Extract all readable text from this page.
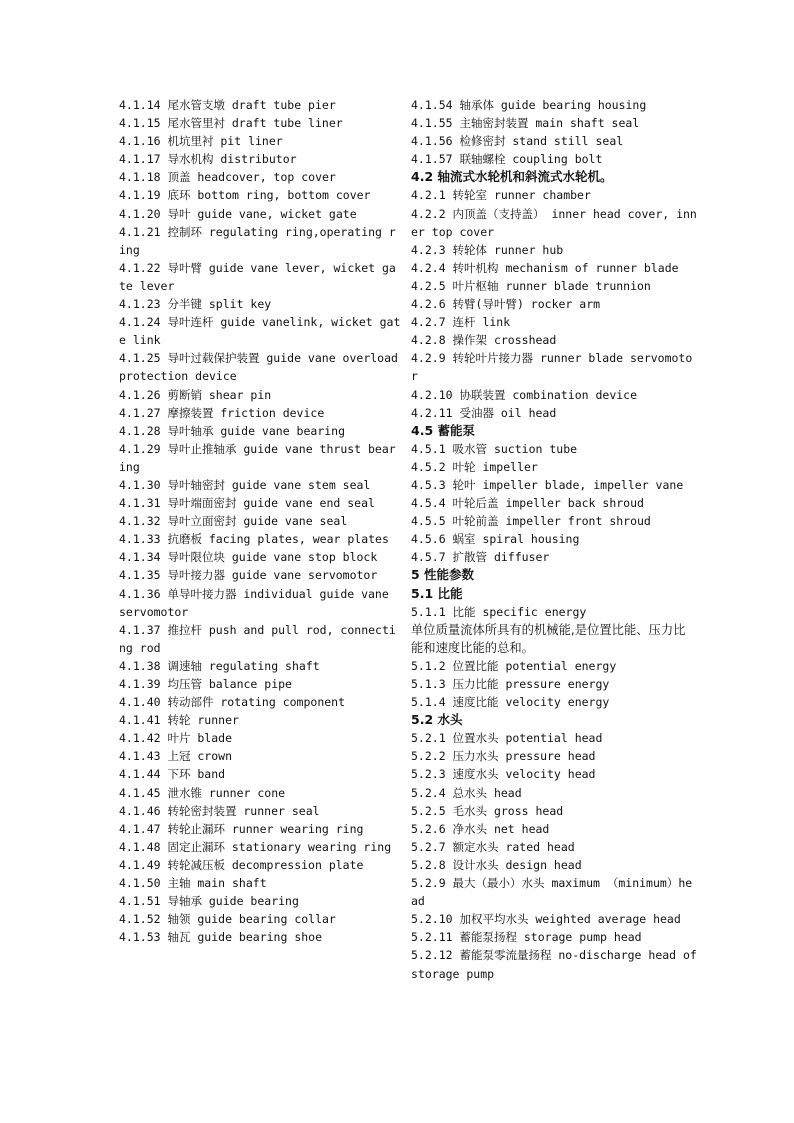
4.1.14 尾水管支墩 draft tube pier
4.1.15 尾水管里衬 draft tube liner
4.1.16 机坑里衬 pit liner
4.1.17 导水机构 distributor
4.1.18 顶盖 headcover, top cover
4.1.19 底环 bottom ring, bottom cover
4.1.20 导叶 guide vane, wicket gate
4.1.21 控制环 regulating ring,operating ring
4.1.22 导叶臂 guide vane lever, wicket gate lever
4.1.23 分半键 split key
4.1.24 导叶连杆 guide vanelink, wicket gate link
4.1.25 导叶过载保护装置 guide vane overload protection device
4.1.26 剪断销 shear pin
4.1.27 摩擦装置 friction device
4.1.28 导叶轴承 guide vane bearing
4.1.29 导叶止推轴承 guide vane thrust bearing
4.1.30 导叶轴密封 guide vane stem seal
4.1.31 导叶端面密封 guide vane end seal
4.1.32 导叶立面密封 guide vane seal
4.1.33 抗磨板 facing plates, wear plates
4.1.34 导叶限位块 guide vane stop block
4.1.35 导叶接力器 guide vane servomotor
4.1.36 单导叶接力器 individual guide vane servomotor
4.1.37 推拉杆 push and pull rod, connecting rod
4.1.38 调速轴 regulating shaft
4.1.39 均压管 balance pipe
4.1.40 转动部件 rotating component
4.1.41 转轮 runner
4.1.42 叶片 blade
4.1.43 上冠 crown
4.1.44 下环 band
4.1.45 泄水锥 runner cone
4.1.46 转轮密封装置 runner seal
4.1.47 转轮止漏环 runner wearing ring
4.1.48 固定止漏环 stationary wearing ring
4.1.49 转轮减压板 decompression plate
4.1.50 主轴 main shaft
4.1.51 导轴承 guide bearing
4.1.52 轴领 guide bearing collar
4.1.53 轴瓦 guide bearing shoe
4.1.54 轴承体 guide bearing housing
4.1.55 主轴密封装置 main shaft seal
4.1.56 检修密封 stand still seal
4.1.57 联轴螺栓 coupling bolt
4.2 轴流式水轮机和斜流式水轮机。
4.2.1 转轮室 runner chamber
4.2.2 内顶盖（支持盖） inner head cover, inner top cover
4.2.3 转轮体 runner hub
4.2.4 转叶机构 mechanism of runner blade
4.2.5 叶片枢轴 runner blade trunnion
4.2.6 转臂(导叶臂) rocker arm
4.2.7 连杆 link
4.2.8 操作架 crosshead
4.2.9 转轮叶片接力器 runner blade servomotor
4.2.10 协联装置 combination device
4.2.11 受油器 oil head
4.5 蓄能泵
4.5.1 吸水管 suction tube
4.5.2 叶轮 impeller
4.5.3 轮叶 impeller blade, impeller vane
4.5.4 叶轮后盖 impeller back shroud
4.5.5 叶轮前盖 impeller front shroud
4.5.6 蜗室 spiral housing
4.5.7 扩散管 diffuser
5 性能参数
5.1 比能
5.1.1 比能 specific energy
单位质量流体所具有的机械能,是位置比能、压力比能和速度比能的总和。
5.1.2 位置比能 potential energy
5.1.3 压力比能 pressure energy
5.1.4 速度比能 velocity energy
5.2 水头
5.2.1 位置水头 potential head
5.2.2 压力水头 pressure head
5.2.3 速度水头 velocity head
5.2.4 总水头 head
5.2.5 毛水头 gross head
5.2.6 净水头 net head
5.2.7 额定水头 rated head
5.2.8 设计水头 design head
5.2.9 最大（最小）水头 maximum （minimum）head
5.2.10 加权平均水头 weighted average head
5.2.11 蓄能泵扬程 storage pump head
5.2.12 蓄能泵零流量扬程 no-discharge head of storage pump
